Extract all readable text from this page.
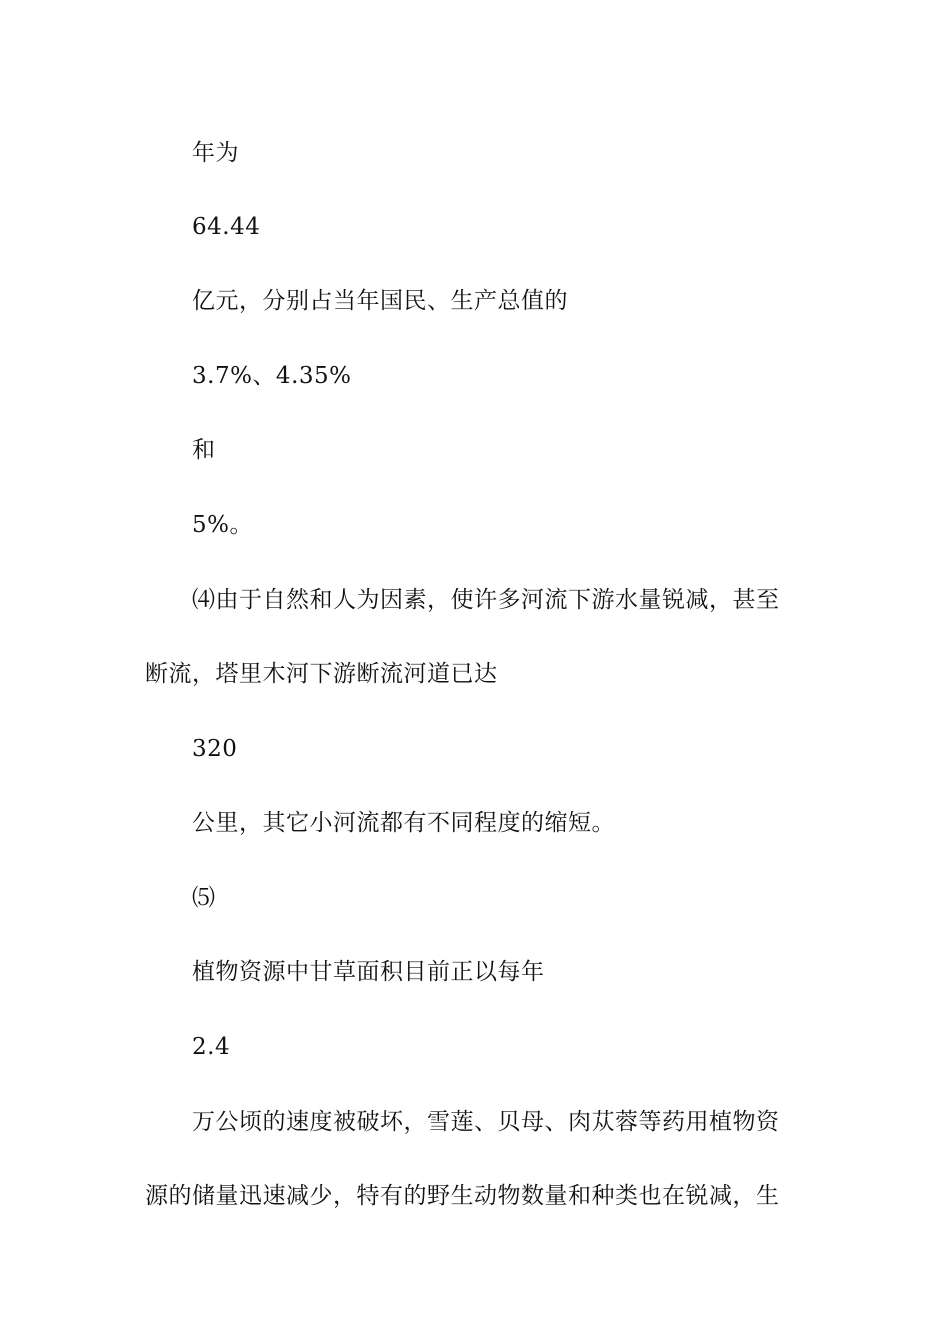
年为
64.44
亿元，分别占当年国民、生产总值的
3.7%、4.35%
和
5%。
⑷由于自然和人为因素，使许多河流下游水量锐减，甚至
断流，塔里木河下游断流河道已达
320
公里，其它小河流都有不同程度的缩短。
⑸
植物资源中甘草面积目前正以每年
2.4
万公顷的速度被破坏，雪莲、贝母、肉苁蓉等药用植物资
源的储量迅速减少，特有的野生动物数量和种类也在锐减，生
